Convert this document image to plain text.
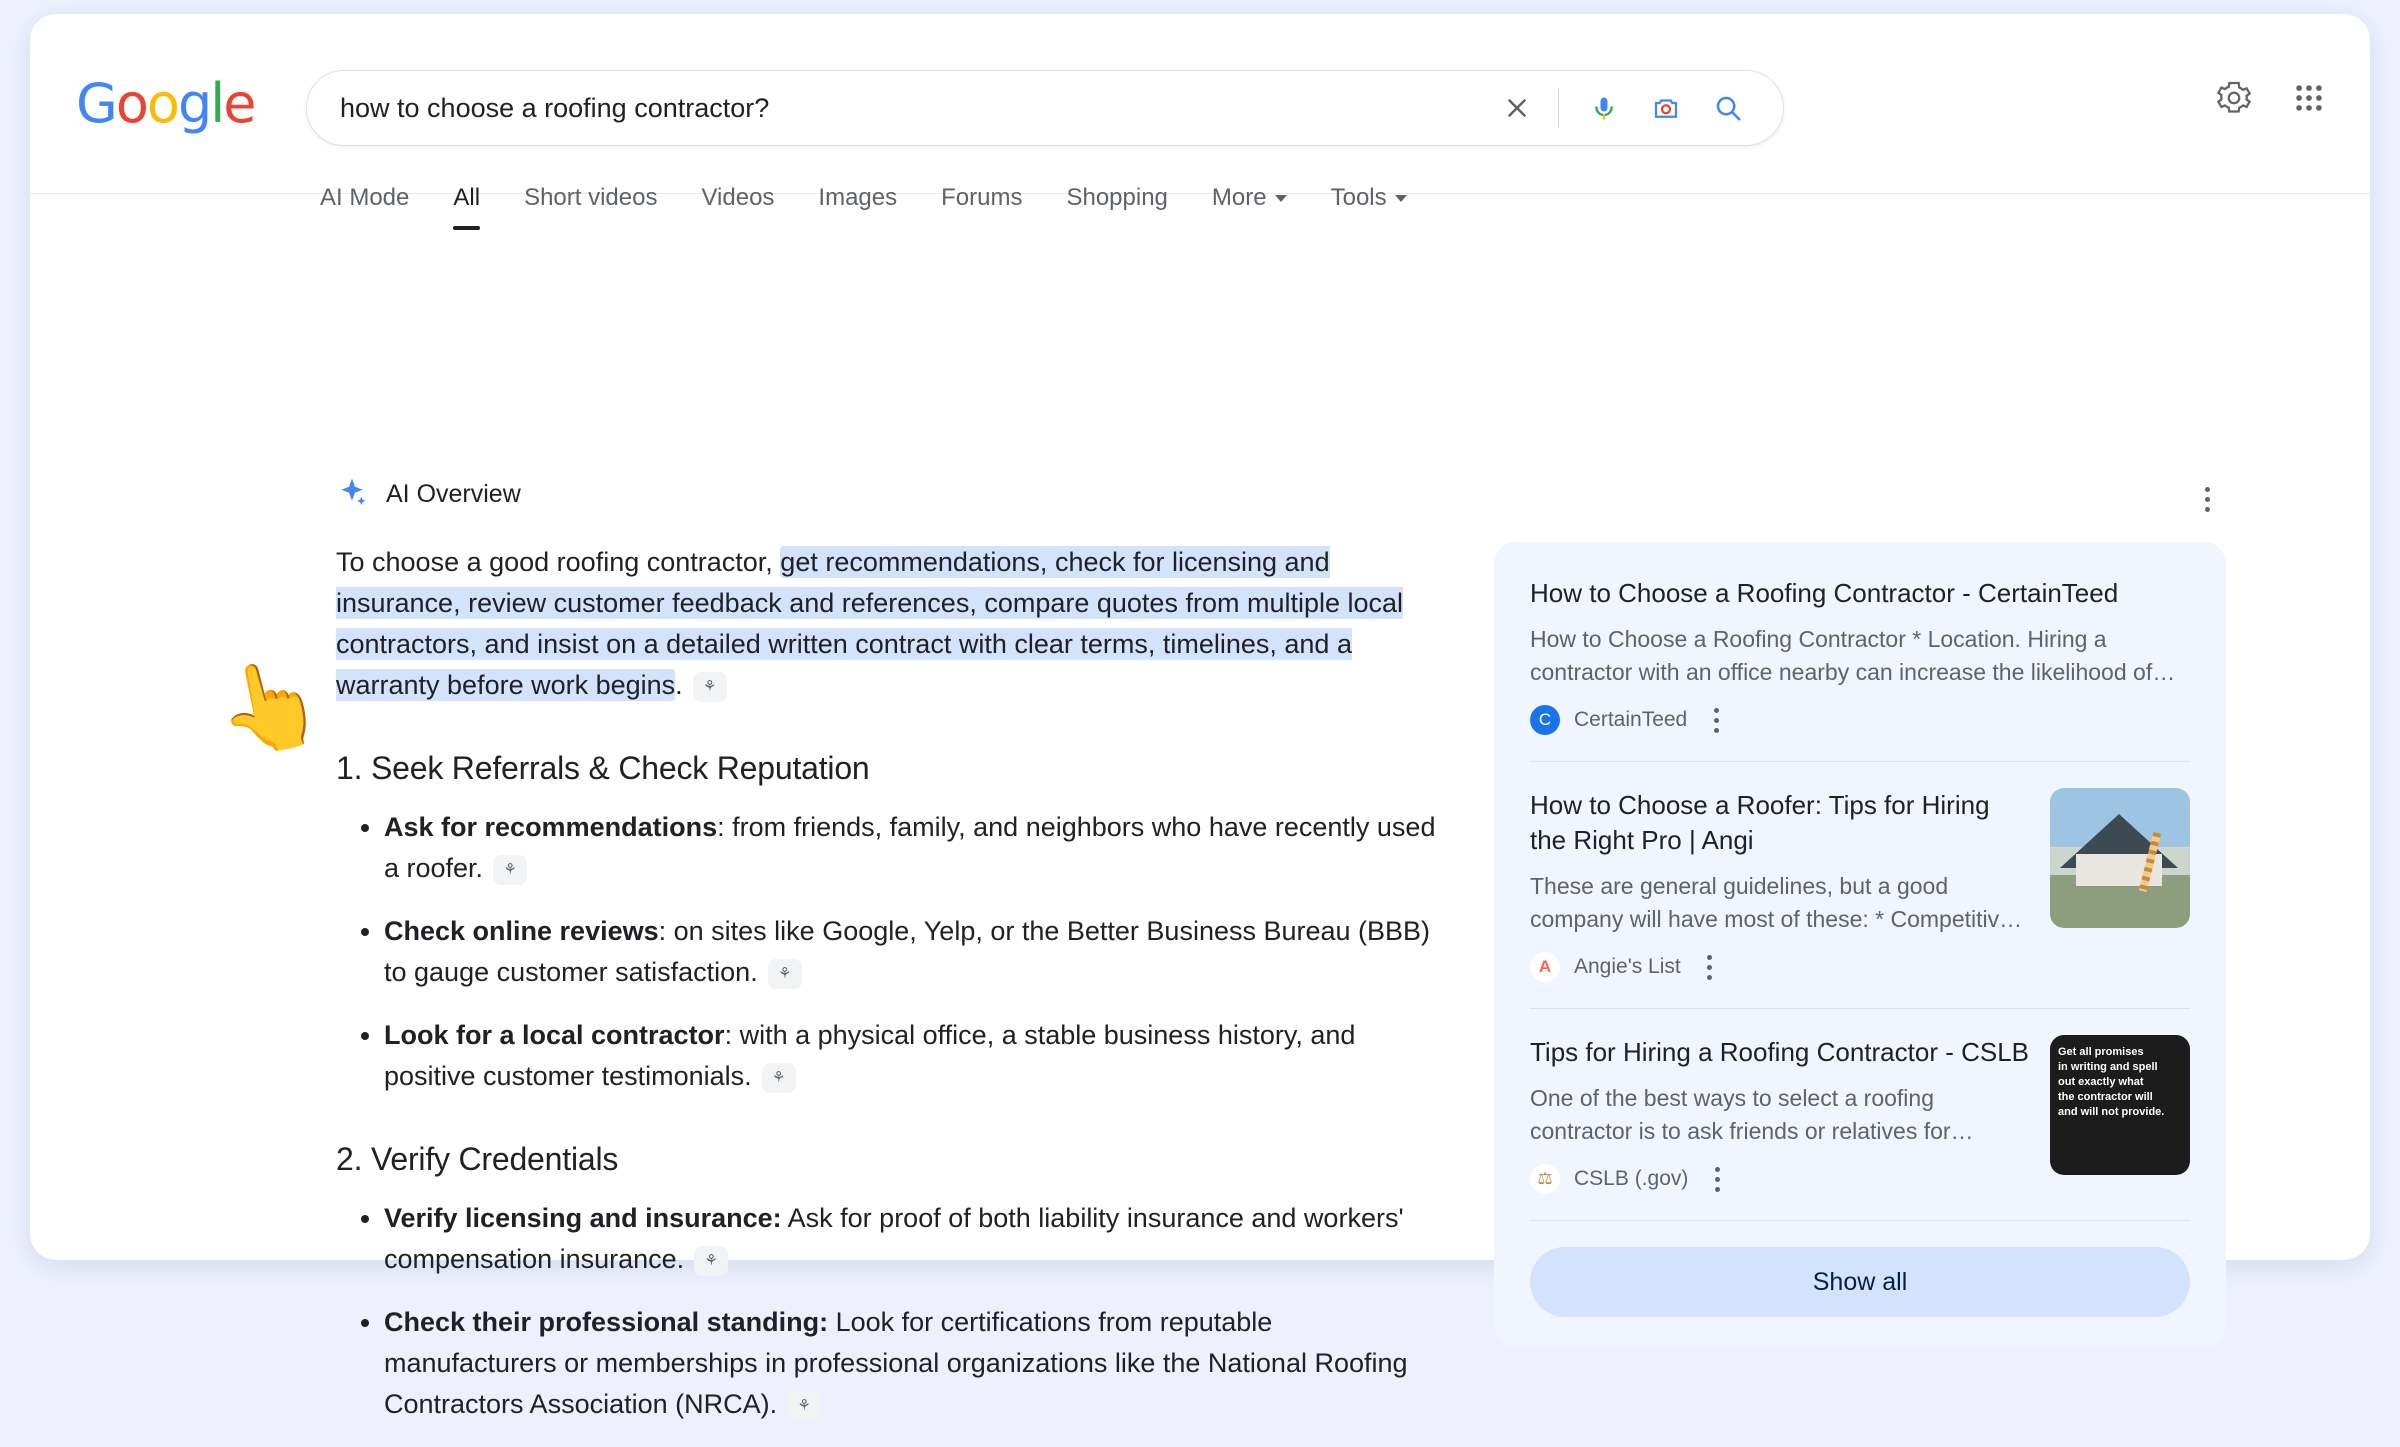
Google	how to choose a roofing contractor?
AI Mode	All	Short videos	Videos	Images	Forums	Shopping	More	Tools
AI Overview
👆
To choose a good roofing contractor, get recommendations, check for licensing and insurance, review customer feedback and references, compare quotes from multiple local contractors, and insist on a detailed written contract with clear terms, timelines, and a warranty before work begins. ⚘
1. Seek Referrals & Check Reputation
• Ask for recommendations: from friends, family, and neighbors who have recently used a roofer. ⚘
• Check online reviews: on sites like Google, Yelp, or the Better Business Bureau (BBB) to gauge customer satisfaction. ⚘
• Look for a local contractor: with a physical office, a stable business history, and positive customer testimonials. ⚘
2. Verify Credentials
• Verify licensing and insurance: Ask for proof of both liability insurance and workers' compensation insurance. ⚘
• Check their professional standing: Look for certifications from reputable manufacturers or memberships in professional organizations like the National Roofing Contractors Association (NRCA). ⚘
How to Choose a Roofing Contractor - CertainTeed
How to Choose a Roofing Contractor * Location. Hiring a contractor with an office nearby can increase the likelihood of…
C	CertainTeed
How to Choose a Roofer: Tips for Hiring the Right Pro | Angi
These are general guidelines, but a good company will have most of these: * Competitiv…
A	Angie's List
Tips for Hiring a Roofing Contractor - CSLB
One of the best ways to select a roofing contractor is to ask friends or relatives for…
⚖	CSLB (.gov)
Get all promises
in writing and spell
out exactly what
the contractor will
and will not provide.
Show all
